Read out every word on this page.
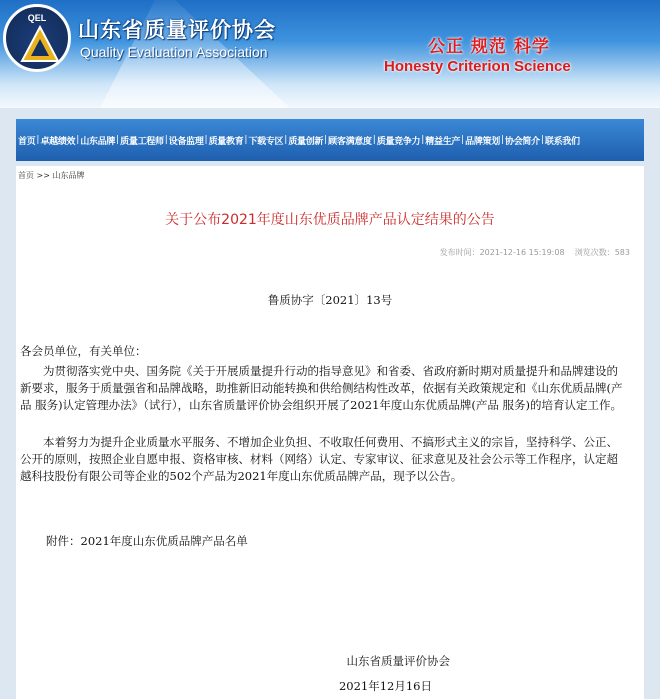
QEL	山东省质量评价协会
Quality Evaluation Association	公正 规范 科学
Honesty Criterion Science
首页 | 卓越绩效 | 山东品牌 | 质量工程师 | 设备监理 | 质量教育 | 下载专区 | 质量创新 | 顾客满意度 | 质量竞争力 | 精益生产 | 品牌策划 | 协会简介 | 联系我们
首页 >> 山东品牌
关于公布2021年度山东优质品牌产品认定结果的公告
发布时间：2021-12-16 15:19:08 浏览次数：583
鲁质协字〔2021〕13号
各会员单位，有关单位：
为贯彻落实党中央、国务院《关于开展质量提升行动的指导意见》和省委、省政府新时期对质量提升和品牌建设的新要求，服务于质量强省和品牌战略，助推新旧动能转换和供给侧结构性改革，依据有关政策规定和《山东优质品牌(产品 服务)认定管理办法》（试行），山东省质量评价协会组织开展了2021年度山东优质品牌(产品 服务)的培育认定工作。
本着努力为提升企业质量水平服务、不增加企业负担、不收取任何费用、不搞形式主义的宗旨，坚持科学、公正、公开的原则，按照企业自愿申报、资格审核、材料（网络）认定、专家审议、征求意见及社会公示等工作程序，认定超越科技股份有限公司等企业的502个产品为2021年度山东优质品牌产品，现予以公告。
附件：2021年度山东优质品牌产品名单
山东省质量评价协会
2021年12月16日
